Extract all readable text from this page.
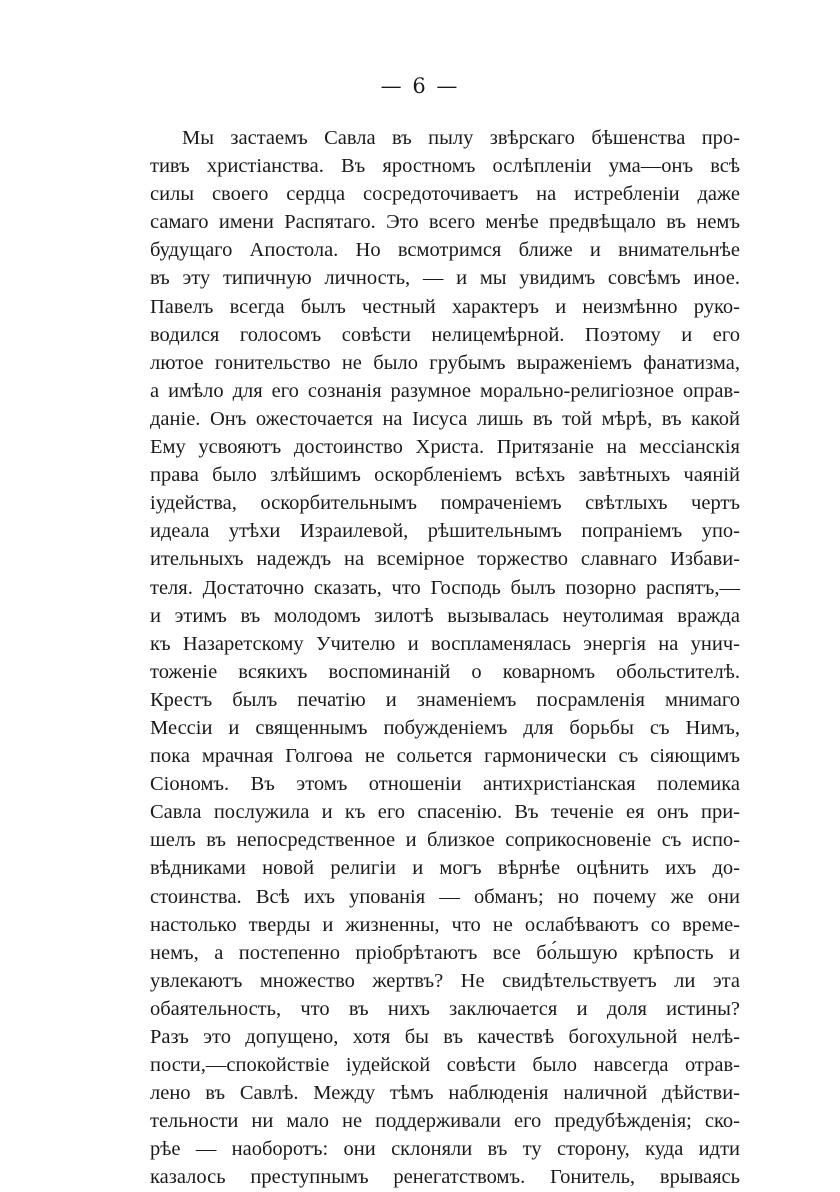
— 6 —
Мы застаемъ Савла въ пылу звѣрскаго бѣшенства про-
тивъ христіанства. Въ яростномъ ослѣпленіи ума—онъ всѣ
силы своего сердца сосредоточиваетъ на истребленіи даже
самаго имени Распятаго. Это всего менѣе предвѣщало въ немъ
будущаго Апостола. Но всмотримся ближе и внимательнѣе
въ эту типичную личность, — и мы увидимъ совсѣмъ иное.
Павелъ всегда былъ честный характеръ и неизмѣнно руко-
водился голосомъ совѣсти нелицемѣрной. Поэтому и его
лютое гонительство не было грубымъ выраженіемъ фанатизма,
а имѣло для его сознанія разумное морально-религіозное оправ-
даніе. Онъ ожесточается на Іисуса лишь въ той мѣрѣ, въ какой
Ему усвояютъ достоинство Христа. Притязаніе на мессіанскія
права было злѣйшимъ оскорбленіемъ всѣхъ завѣтныхъ чаяній
іудейства, оскорбительнымъ помраченіемъ свѣтлыхъ чертъ
идеала утѣхи Израилевой, рѣшительнымъ попраніемъ упо-
ительныхъ надеждъ на всемірное торжество славнаго Избави-
теля. Достаточно сказать, что Господь былъ позорно распятъ,—
и этимъ въ молодомъ зилотѣ вызывалась неутолимая вражда
къ Назаретскому Учителю и воспламенялась энергія на унич-
тоженіе всякихъ воспоминаній о коварномъ обольстителѣ.
Крестъ былъ печатію и знаменіемъ посрамленія мнимаго
Мессіи и священнымъ побужденіемъ для борьбы съ Нимъ,
пока мрачная Голгоѳа не сольется гармонически съ сіяющимъ
Сіономъ. Въ этомъ отношеніи антихристіанская полемика
Савла послужила и къ его спасенію. Въ теченіе ея онъ при-
шелъ въ непосредственное и близкое соприкосновеніе съ испо-
вѣдниками новой религіи и могъ вѣрнѣе оцѣнить ихъ до-
стоинства. Всѣ ихъ упованія — обманъ; но почему же они
настолько тверды и жизненны, что не ослабѣваютъ со време-
немъ, а постепенно пріобрѣтаютъ все бо́льшую крѣпость и
увлекаютъ множество жертвъ? Не свидѣтельствуетъ ли эта
обаятельность, что въ нихъ заключается и доля истины?
Разъ это допущено, хотя бы въ качествѣ богохульной нелѣ-
пости,—спокойствіе іудейской совѣсти было навсегда отрав-
лено въ Савлѣ. Между тѣмъ наблюденія наличной дѣйстви-
тельности ни мало не поддерживали его предубѣжденія; ско-
рѣе — наоборотъ: они склоняли въ ту сторону, куда идти
казалось преступнымъ ренегатствомъ. Гонитель, врываясь
